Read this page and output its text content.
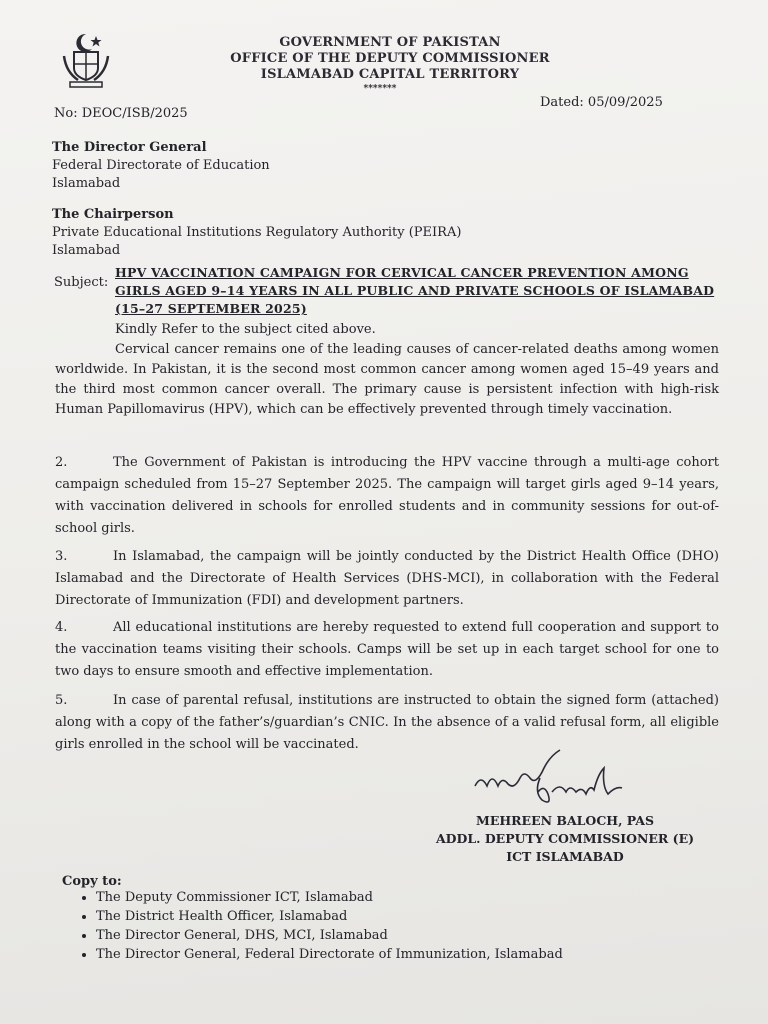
GOVERNMENT OF PAKISTAN
OFFICE OF THE DEPUTY COMMISSIONER
ISLAMABAD CAPITAL TERRITORY
*******
No: DEOC/ISB/2025
Dated: 05/09/2025
The Director General
Federal Directorate of Education
Islamabad
The Chairperson
Private Educational Institutions Regulatory Authority (PEIRA)
Islamabad
Subject:
HPV VACCINATION CAMPAIGN FOR CERVICAL CANCER PREVENTION AMONG GIRLS AGED 9–14 YEARS IN ALL PUBLIC AND PRIVATE SCHOOLS OF ISLAMABAD (15–27 SEPTEMBER 2025)
Kindly Refer to the subject cited above.
Cervical cancer remains one of the leading causes of cancer-related deaths among women worldwide. In Pakistan, it is the second most common cancer among women aged 15–49 years and the third most common cancer overall. The primary cause is persistent infection with high-risk Human Papillomavirus (HPV), which can be effectively prevented through timely vaccination.
2.	The Government of Pakistan is introducing the HPV vaccine through a multi-age cohort campaign scheduled from 15–27 September 2025. The campaign will target girls aged 9–14 years, with vaccination delivered in schools for enrolled students and in community sessions for out-of-school girls.
3.	In Islamabad, the campaign will be jointly conducted by the District Health Office (DHO) Islamabad and the Directorate of Health Services (DHS-MCI), in collaboration with the Federal Directorate of Immunization (FDI) and development partners.
4.	All educational institutions are hereby requested to extend full cooperation and support to the vaccination teams visiting their schools. Camps will be set up in each target school for one to two days to ensure smooth and effective implementation.
5.	In case of parental refusal, institutions are instructed to obtain the signed form (attached) along with a copy of the father’s/guardian’s CNIC. In the absence of a valid refusal form, all eligible girls enrolled in the school will be vaccinated.
MEHREEN BALOCH, PAS
ADDL. DEPUTY COMMISSIONER (E)
ICT ISLAMABAD
Copy to:
• The Deputy Commissioner ICT, Islamabad
• The District Health Officer, Islamabad
• The Director General, DHS, MCI, Islamabad
• The Director General, Federal Directorate of Immunization, Islamabad
